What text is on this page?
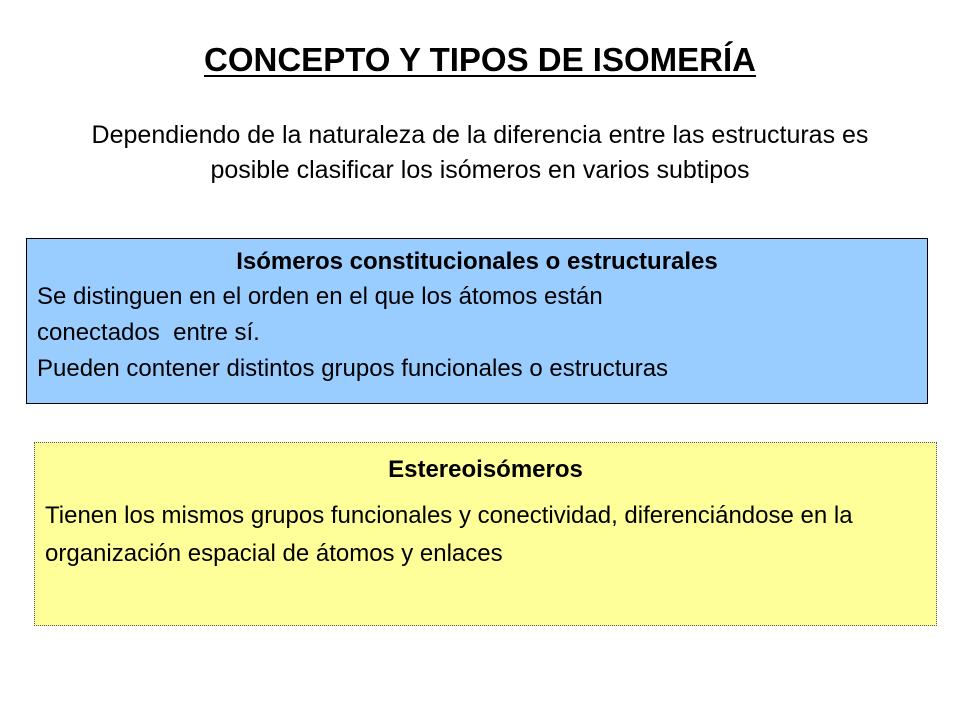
CONCEPTO Y TIPOS DE ISOMERÍA
Dependiendo de la naturaleza de la diferencia entre las estructuras es posible clasificar los isómeros en varios subtipos
Isómeros constitucionales o estructurales
Se distinguen en el orden en el que los átomos están
conectados  entre sí.
Pueden contener distintos grupos funcionales o estructuras
Estereoisómeros
Tienen los mismos grupos funcionales y conectividad, diferenciándose en la organización espacial de átomos y enlaces
